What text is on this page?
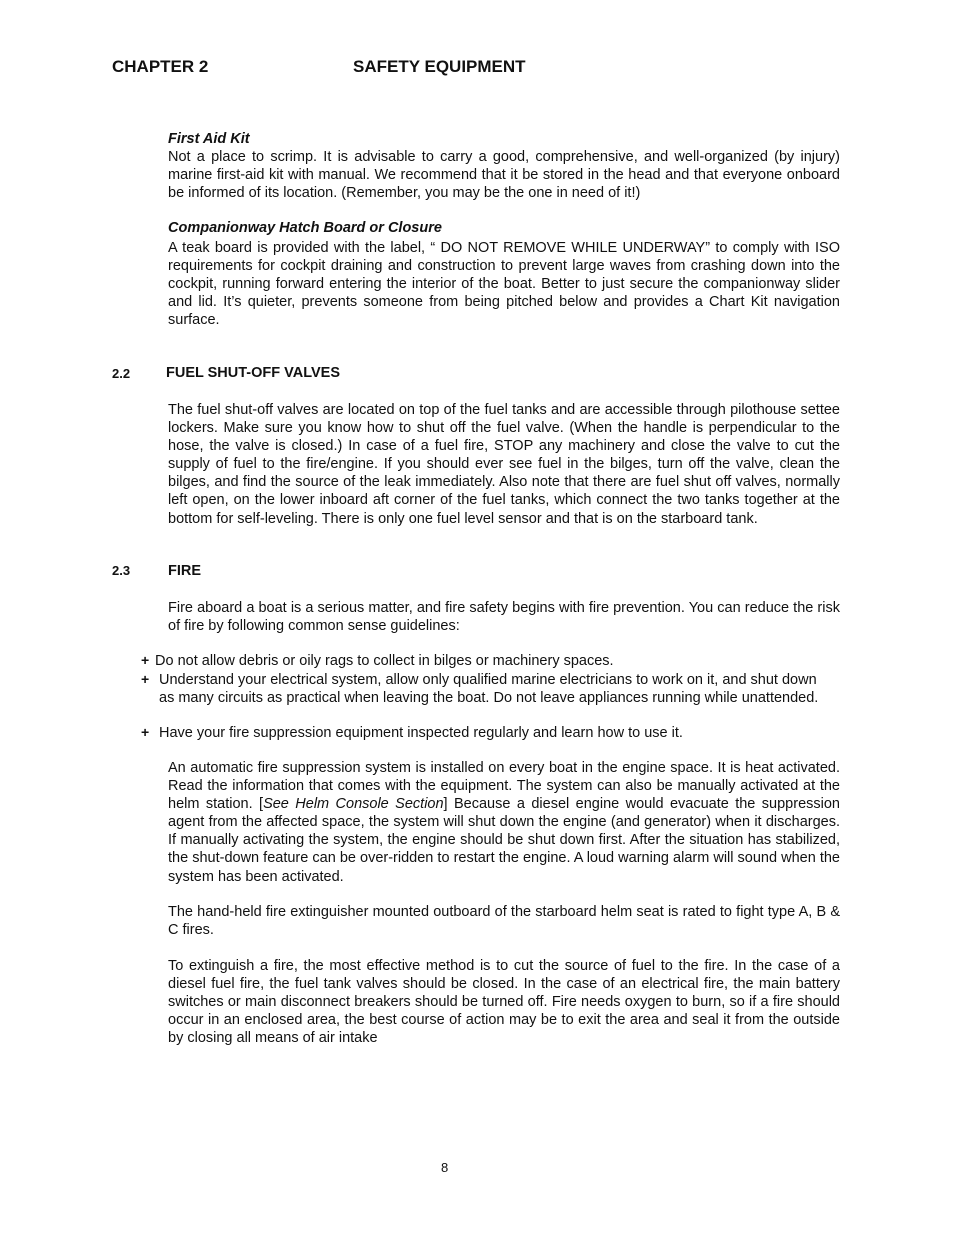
CHAPTER 2	SAFETY EQUIPMENT
First Aid Kit
Not a place to scrimp. It is advisable to carry a good, comprehensive, and well-organized (by injury) marine first-aid kit with manual. We recommend that it be stored in the head and that everyone onboard be informed of its location. (Remember, you may be the one in need of it!)
Companionway Hatch Board or Closure
A teak board is provided with the label, “ DO NOT REMOVE WHILE UNDERWAY” to comply with ISO requirements for cockpit draining and construction to prevent large waves from crashing down into the cockpit, running forward entering the interior of the boat. Better to just secure the companionway slider and lid. It’s quieter, prevents someone from being pitched below and provides a Chart Kit navigation surface.
2.2 FUEL SHUT-OFF VALVES
The fuel shut-off valves are located on top of the fuel tanks and are accessible through pilothouse settee lockers. Make sure you know how to shut off the fuel valve. (When the handle is perpendicular to the hose, the valve is closed.) In case of a fuel fire, STOP any machinery and close the valve to cut the supply of fuel to the fire/engine. If you should ever see fuel in the bilges, turn off the valve, clean the bilges, and find the source of the leak immediately. Also note that there are fuel shut off valves, normally left open, on the lower inboard aft corner of the fuel tanks, which connect the two tanks together at the bottom for self-leveling. There is only one fuel level sensor and that is on the starboard tank.
2.3	FIRE
Fire aboard a boat is a serious matter, and fire safety begins with fire prevention. You can reduce the risk of fire by following common sense guidelines:
+ Do not allow debris or oily rags to collect in bilges or machinery spaces.
+ Understand your electrical system, allow only qualified marine electricians to work on it, and shut down as many circuits as practical when leaving the boat. Do not leave appliances running while unattended.
+ Have your fire suppression equipment inspected regularly and learn how to use it.
An automatic fire suppression system is installed on every boat in the engine space. It is heat activated. Read the information that comes with the equipment. The system can also be manually activated at the helm station. [See Helm Console Section] Because a diesel engine would evacuate the suppression agent from the affected space, the system will shut down the engine (and generator) when it discharges. If manually activating the system, the engine should be shut down first. After the situation has stabilized, the shut-down feature can be over-ridden to restart the engine. A loud warning alarm will sound when the system has been activated.
The hand-held fire extinguisher mounted outboard of the starboard helm seat is rated to fight type A, B & C fires.
To extinguish a fire, the most effective method is to cut the source of fuel to the fire. In the case of a diesel fuel fire, the fuel tank valves should be closed. In the case of an electrical fire, the main battery switches or main disconnect breakers should be turned off. Fire needs oxygen to burn, so if a fire should occur in an enclosed area, the best course of action may be to exit the area and seal it from the outside by closing all means of air intake
8
